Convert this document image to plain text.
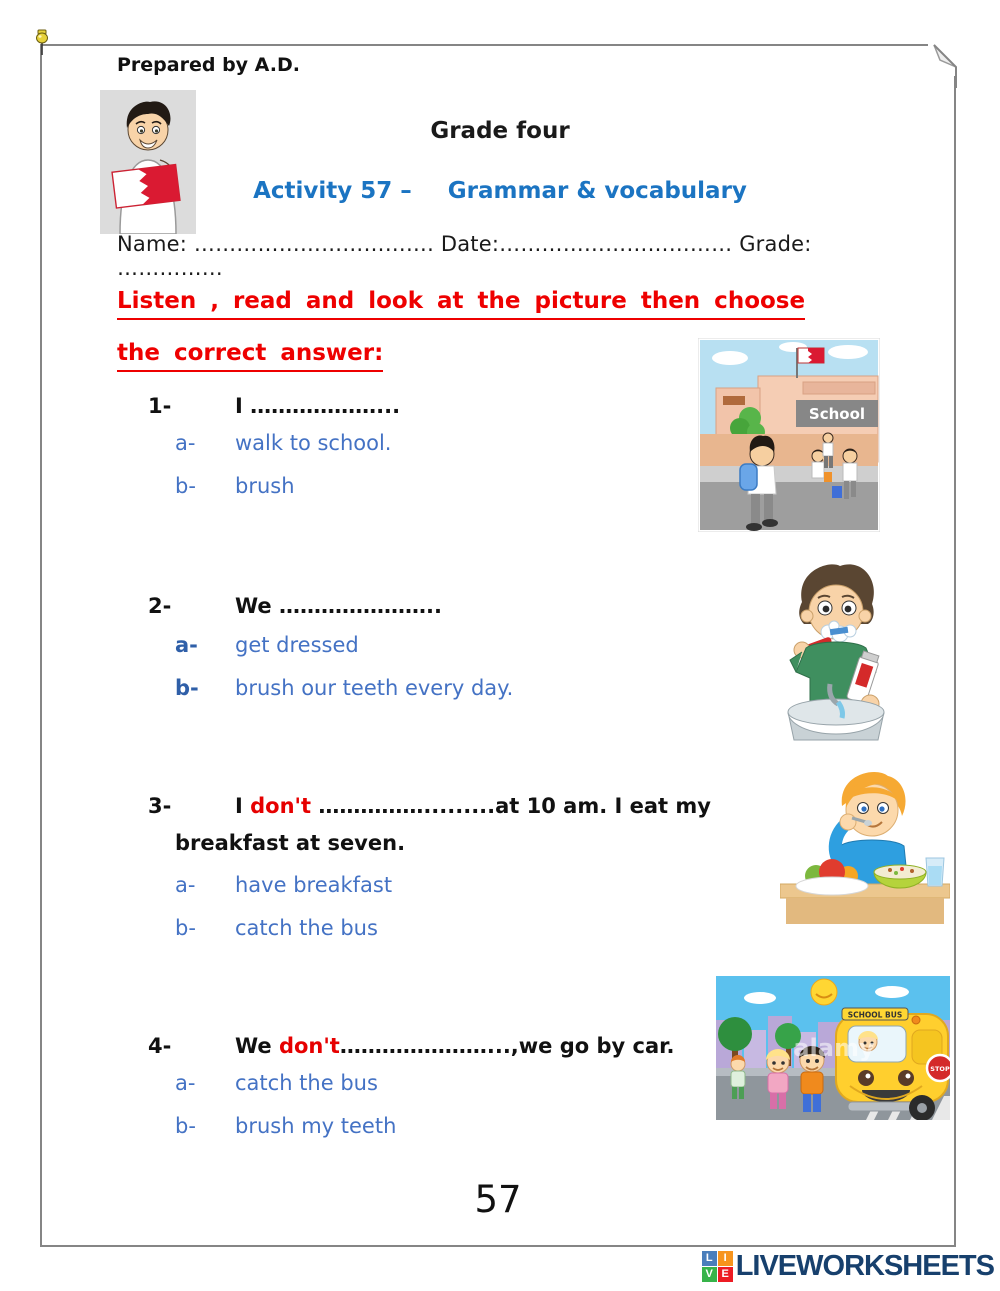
Prepared by A.D.
Grade four
Activity 57 – Grammar & vocabulary
Name: ……………………………. Date:…………………………… Grade: ……………
Listen , read and look at the picture then choose
the correct answer:
1-	I ………………...
a- walk to school.
b- brush
School
2-	We …………………..
a- get dressed
b- brush our teeth every day.
3-	I don't …………….........at 10 am. I eat my
breakfast at seven.
a- have breakfast
b- catch the bus
4-	We don't…………………...,we go by car.
a- catch the bus
b- brush my teeth
SCHOOL BUS
STOP
alamy
57
L	I
V E LIVEWORKSHEETS
